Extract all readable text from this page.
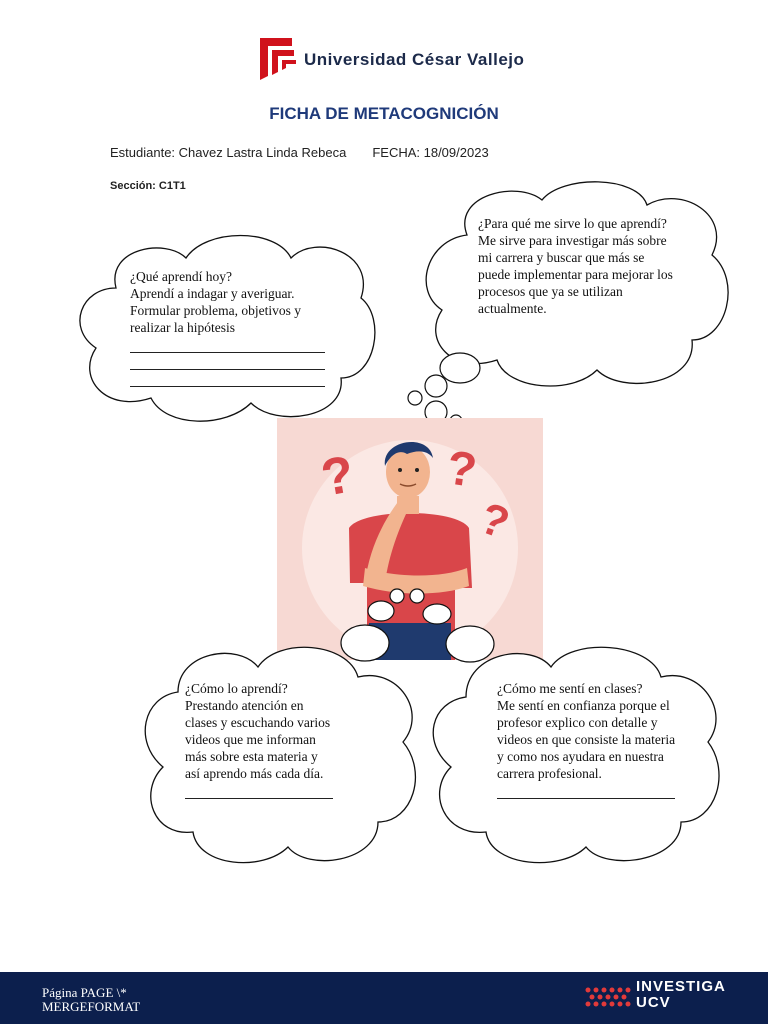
Universidad César Vallejo
FICHA DE METACOGNICIÓN
Estudiante: Chavez Lastra Linda Rebeca FECHA: 18/09/2023
Sección: C1T1
¿Qué aprendí hoy?
Aprendí a indagar y averiguar. Formular problema, objetivos y realizar la hipótesis
¿Para qué me sirve lo que aprendí?
Me sirve para investigar más sobre mi carrera y buscar que más se puede implementar para mejorar los procesos que ya se utilizan actualmente.
? ?
?
¿Cómo lo aprendí?
Prestando atención en clases y escuchando varios videos que me informan más sobre esta materia y así aprendo más cada día.
¿Cómo me sentí en clases?
Me sentí en confianza porque el profesor explico con detalle y videos en que consiste la materia y como nos ayudara en nuestra carrera profesional.
Página PAGE \*
MERGEFORMAT
INVESTIGA
UCV
